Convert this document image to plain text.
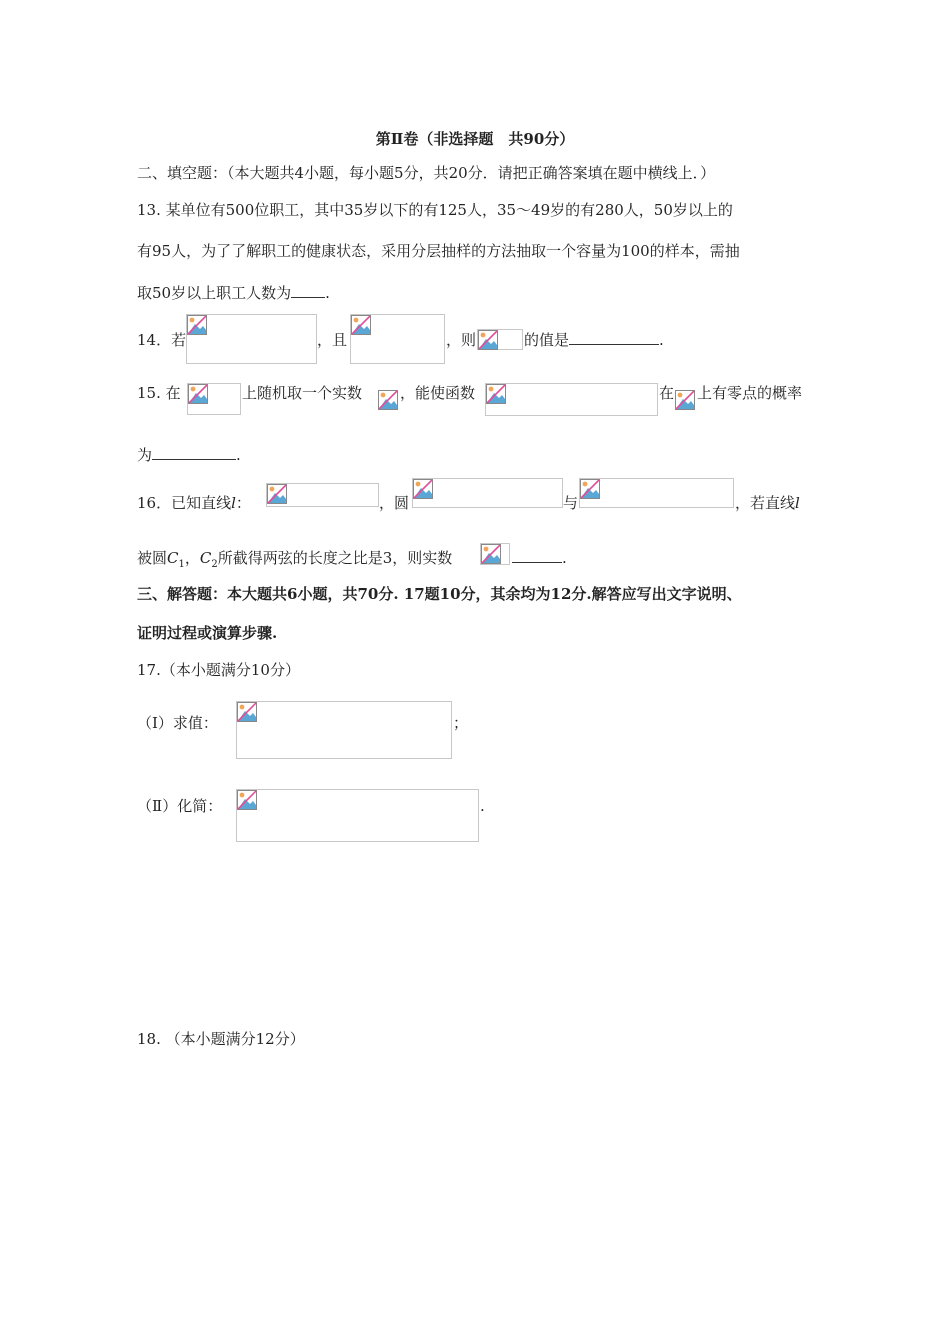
第Ⅱ卷（非选择题　共90分）
二、填空题：（本大题共4小题，每小题5分，共20分．请把正确答案填在题中横线上．）
13. 某单位有500位职工，其中35岁以下的有125人，35～49岁的有280人，50岁以上的
有95人，为了了解职工的健康状态，采用分层抽样的方法抽取一个容量为100的样本，需抽
取50岁以上职工人数为 .
14．若	，且	，则	的值是	.
15. 在	上随机取一个实数	，能使函数	在 上有零点的概率
为	.
16．已知直线l：	，圆	与	，若直线l
被圆$C_1$，$C_2$所截得两弦的长度之比是3，则实数	.
三、解答题：本大题共6小题，共70分. 17题10分，其余均为12分.解答应写出文字说明、
证明过程或演算步骤.
17.（本小题满分10分）
（Ⅰ）求值：	；
（Ⅱ）化简：	.
18. （本小题满分12分）
